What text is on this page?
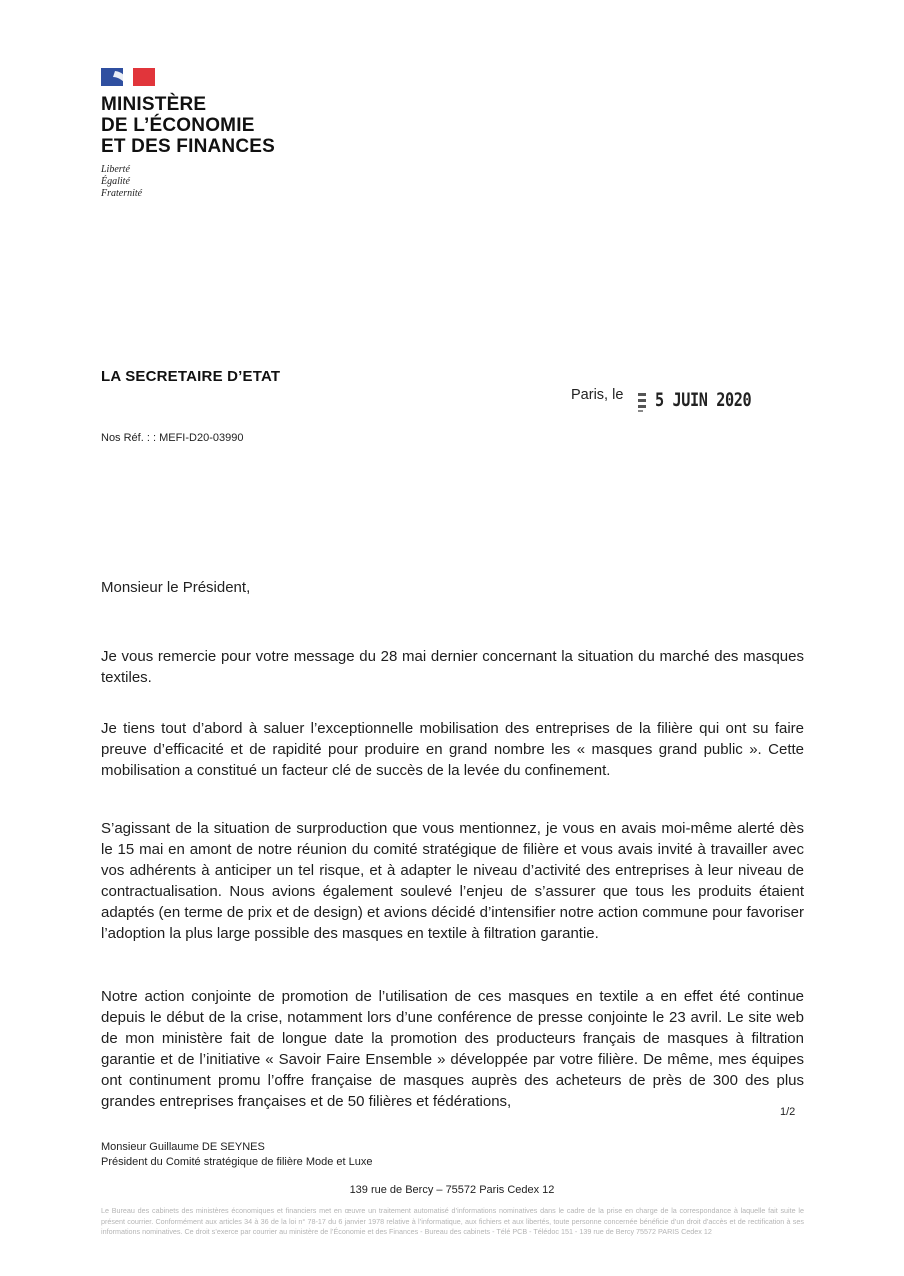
MINISTÈRE
DE L’ÉCONOMIE
ET DES FINANCES
Liberté
Égalité
Fraternité
LA SECRETAIRE D’ETAT
Paris, le 5 JUIN 2020
Nos Réf. : : MEFI-D20-03990
Monsieur le Président,

Je vous remercie pour votre message du 28 mai dernier concernant la situation du marché des masques textiles.

Je tiens tout d’abord à saluer l’exceptionnelle mobilisation des entreprises de la filière qui ont su faire preuve d’efficacité et de rapidité pour produire en grand nombre les « masques grand public ». Cette mobilisation a constitué un facteur clé de succès de la levée du confinement.

S’agissant de la situation de surproduction que vous mentionnez, je vous en avais moi-même alerté dès le 15 mai en amont de notre réunion du comité stratégique de filière et vous avais invité à travailler avec vos adhérents à anticiper un tel risque, et à adapter le niveau d’activité des entreprises à leur niveau de contractualisation. Nous avions également soulevé l’enjeu de s’assurer que tous les produits étaient adaptés (en terme de prix et de design) et avions décidé d’intensifier notre action commune pour favoriser l’adoption la plus large possible des masques en textile à filtration garantie.

Notre action conjointe de promotion de l’utilisation de ces masques en textile a en effet été continue depuis le début de la crise, notamment lors d’une conférence de presse conjointe le 23 avril. Le site web de mon ministère fait de longue date la promotion des producteurs français de masques à filtration garantie et de l’initiative « Savoir Faire Ensemble » développée par votre filière. De même, mes équipes ont continument promu l’offre française de masques auprès des acheteurs de près de 300 des plus grandes entreprises françaises et de 50 filières et fédérations,

1/2
Monsieur Guillaume DE SEYNES
Président du Comité stratégique de filière Mode et Luxe
139 rue de Bercy – 75572 Paris Cedex 12
Le Bureau des cabinets des ministères économiques et financiers met en œuvre un traitement automatisé d’informations nominatives dans le cadre de la prise en charge de la correspondance à laquelle fait suite le présent courrier. Conformément aux articles 34 à 36 de la loi n° 78-17 du 6 janvier 1978 relative à l’informatique, aux fichiers et aux libertés, toute personne concernée bénéficie d’un droit d’accès et de rectification à ses informations nominatives. Ce droit s’exerce par courrier au ministère de l’Économie et des Finances - Bureau des cabinets - Télé PCB - Télédoc 151 - 139 rue de Bercy 75572 PARIS Cedex 12
